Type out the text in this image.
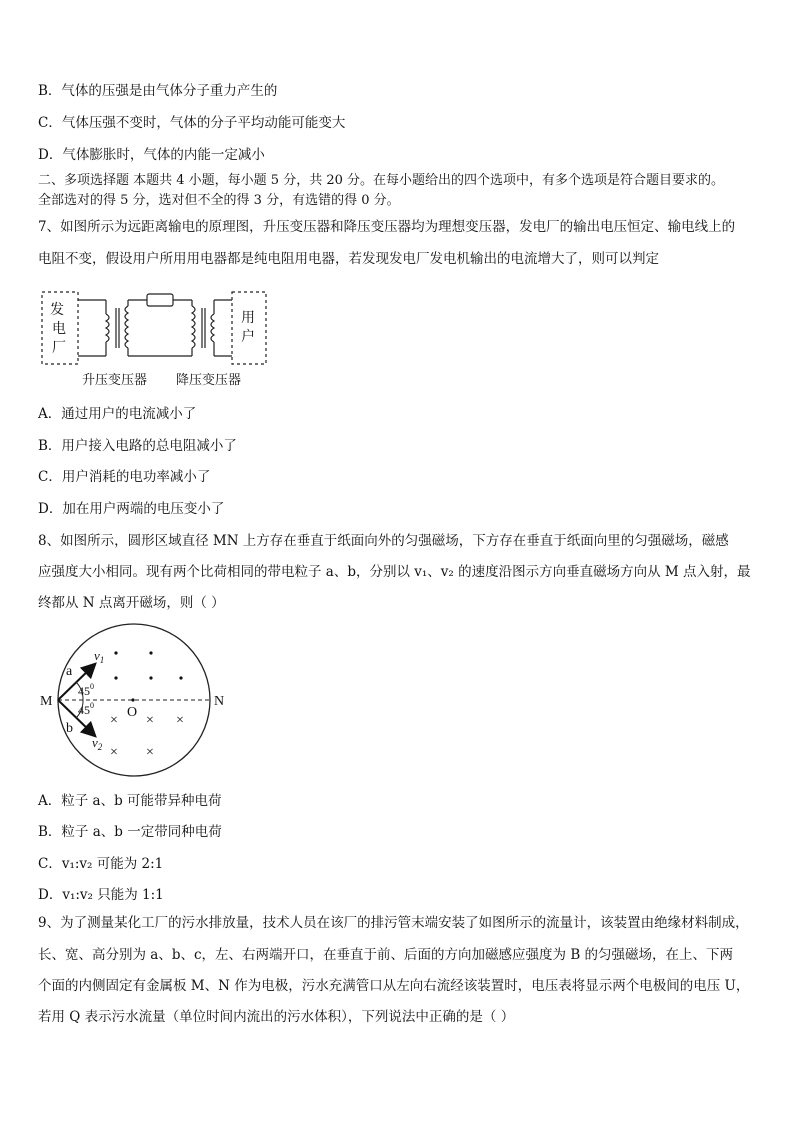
B．气体的压强是由气体分子重力产生的
C．气体压强不变时，气体的分子平均动能可能变大
D．气体膨胀时，气体的内能一定减小
二、多项选择题 本题共 4 小题，每小题 5 分，共 20 分。在每小题给出的四个选项中，有多个选项是符合题目要求的。
全部选对的得 5 分，选对但不全的得 3 分，有选错的得 0 分。
7、如图所示为远距离输电的原理图，升压变压器和降压变压器均为理想变压器，发电厂的输出电压恒定、输电线上的
电阻不变，假设用户所用用电器都是纯电阻用电器，若发现发电厂发电机输出的电流增大了，则可以判定
发
电
厂
用
户
升压变压器 降压变压器
A．通过用户的电流减小了
B．用户接入电路的总电阻减小了
C．用户消耗的电功率减小了
D．加在用户两端的电压变小了
8、如图所示，圆形区域直径 MN 上方存在垂直于纸面向外的匀强磁场，下方存在垂直于纸面向里的匀强磁场，磁感
应强度大小相同。现有两个比荷相同的带电粒子 a、b，分别以 v₁、v₂ 的速度沿图示方向垂直磁场方向从 M 点入射，最
终都从 N 点离开磁场，则（ ）
× × ×
× ×
M	N
O
a
b
$v_1$
$v_2$
$45^0$
$45^0$
A．粒子 a、b 可能带异种电荷
B．粒子 a、b 一定带同种电荷
C．v₁:v₂ 可能为 2:1
D．v₁:v₂ 只能为 1:1
9、为了测量某化工厂的污水排放量，技术人员在该厂的排污管末端安装了如图所示的流量计，该装置由绝缘材料制成，
长、宽、高分别为 a、b、c，左、右两端开口，在垂直于前、后面的方向加磁感应强度为 B 的匀强磁场，在上、下两
个面的内侧固定有金属板 M、N 作为电极，污水充满管口从左向右流经该装置时，电压表将显示两个电极间的电压 U，
若用 Q 表示污水流量（单位时间内流出的污水体积），下列说法中正确的是（ ）
